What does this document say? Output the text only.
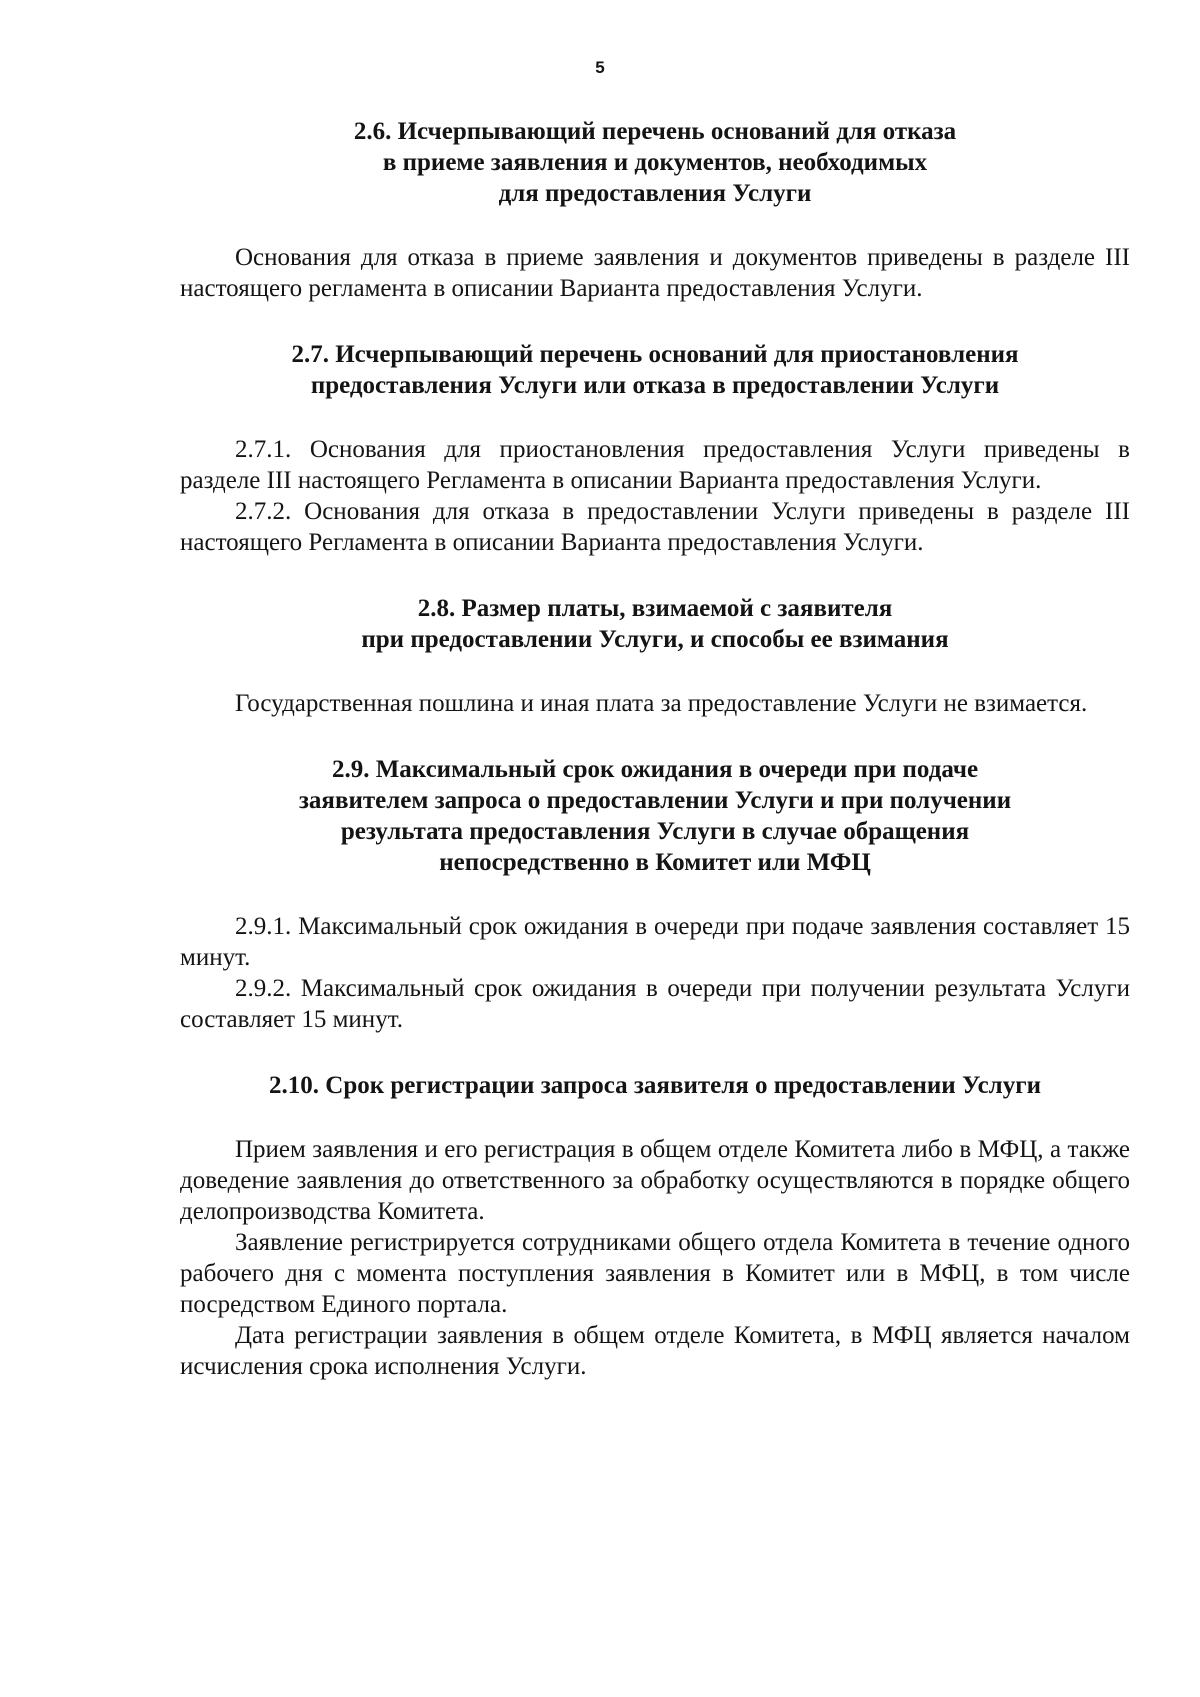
5
2.6. Исчерпывающий перечень оснований для отказа
в приеме заявления и документов, необходимых
для предоставления Услуги

Основания для отказа в приеме заявления и документов приведены в разделе III настоящего регламента в описании Варианта предоставления Услуги.

2.7. Исчерпывающий перечень оснований для приостановления
предоставления Услуги или отказа в предоставлении Услуги

2.7.1. Основания для приостановления предоставления Услуги приведены в разделе III настоящего Регламента в описании Варианта предоставления Услуги.

2.7.2. Основания для отказа в предоставлении Услуги приведены в разделе III настоящего Регламента в описании Варианта предоставления Услуги.

2.8. Размер платы, взимаемой с заявителя
при предоставлении Услуги, и способы ее взимания

Государственная пошлина и иная плата за предоставление Услуги не взимается.

2.9. Максимальный срок ожидания в очереди при подаче
заявителем запроса о предоставлении Услуги и при получении
результата предоставления Услуги в случае обращения
непосредственно в Комитет или МФЦ

2.9.1. Максимальный срок ожидания в очереди при подаче заявления составляет 15 минут.

2.9.2. Максимальный срок ожидания в очереди при получении результата Услуги составляет 15 минут.

2.10. Срок регистрации запроса заявителя о предоставлении Услуги

Прием заявления и его регистрация в общем отделе Комитета либо в МФЦ, а также доведение заявления до ответственного за обработку осуществляются в порядке общего делопроизводства Комитета.

Заявление регистрируется сотрудниками общего отдела Комитета в течение одного рабочего дня с момента поступления заявления в Комитет или в МФЦ, в том числе посредством Единого портала.

Дата регистрации заявления в общем отделе Комитета, в МФЦ является началом исчисления срока исполнения Услуги.
